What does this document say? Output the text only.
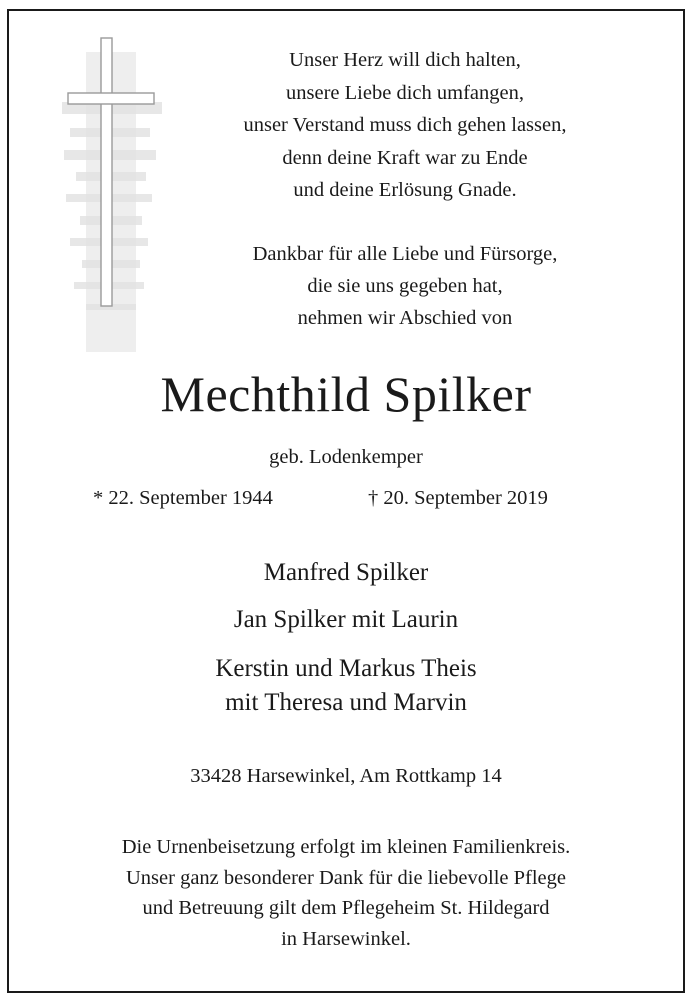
Unser Herz will dich halten,
unsere Liebe dich umfangen,
unser Verstand muss dich gehen lassen,
denn deine Kraft war zu Ende
und deine Erlösung Gnade.
Dankbar für alle Liebe und Fürsorge,
die sie uns gegeben hat,
nehmen wir Abschied von
Mechthild Spilker
geb. Lodenkemper
* 22. September 1944	† 20. September 2019
Manfred Spilker
Jan Spilker mit Laurin
Kerstin und Markus Theis
mit Theresa und Marvin
33428 Harsewinkel, Am Rottkamp 14
Die Urnenbeisetzung erfolgt im kleinen Familienkreis.
Unser ganz besonderer Dank für die liebevolle Pflege
und Betreuung gilt dem Pflegeheim St. Hildegard
in Harsewinkel.
